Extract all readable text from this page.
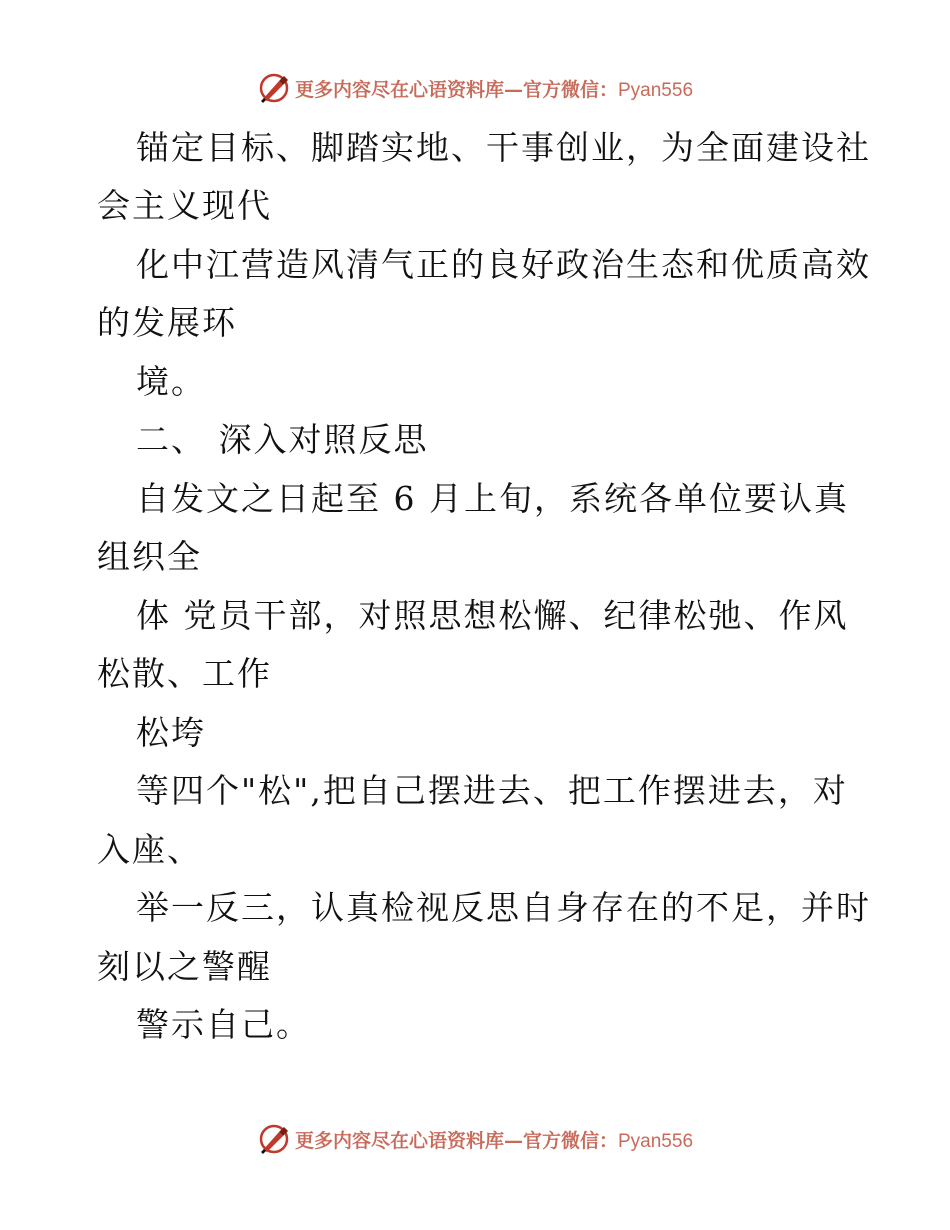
更多内容尽在心语资料库—官方微信：Pyan556
锚定目标、脚踏实地、干事创业，为全面建设社
会主义现代
化中江营造风清气正的良好政治生态和优质高效
的发展环
境。
二、 深入对照反思
自发文之日起至 6 月上旬，系统各单位要认真
组织全
体 党员干部，对照思想松懈、纪律松弛、作风
松散、工作
松垮
等四个"松",把自己摆进去、把工作摆进去，对
入座、
举一反三，认真检视反思自身存在的不足，并时
刻以之警醒
警示自己。
更多内容尽在心语资料库—官方微信：Pyan556
